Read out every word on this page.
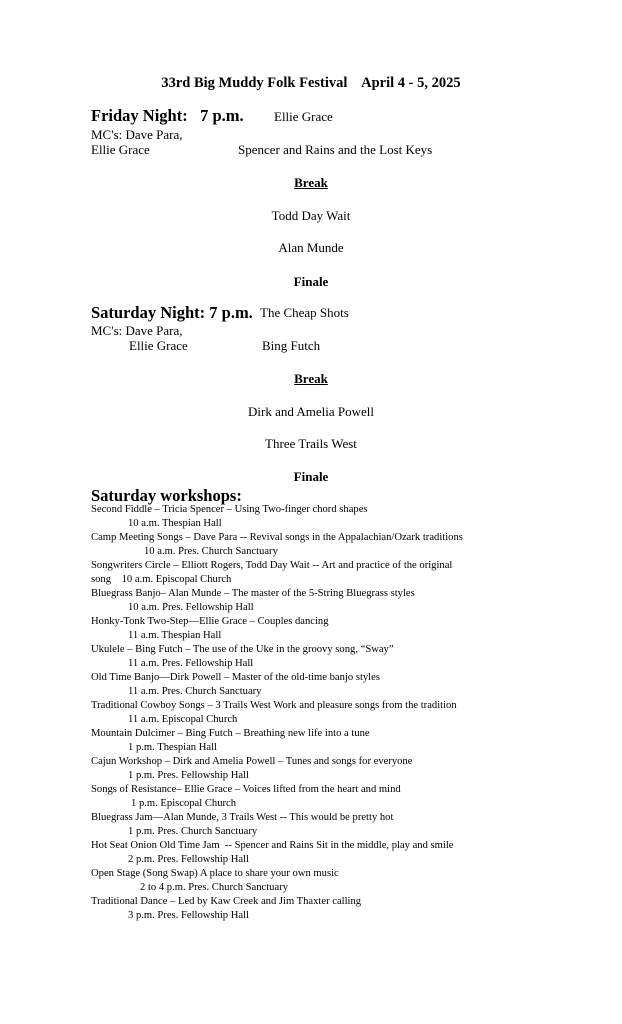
33rd Big Muddy Folk Festival    April 4 - 5, 2025
Friday Night:   7 p.m. Ellie Grace
MC's: Dave Para,
Ellie Grace	Spencer and Rains and the Lost Keys
Break
Todd Day Wait
Alan Munde
Finale
Saturday Night: 7 p.m. The Cheap Shots
MC's: Dave Para,
Ellie Grace	Bing Futch
Break
Dirk and Amelia Powell
Three Trails West
Finale
Saturday workshops:
Second Fiddle – Tricia Spencer – Using Two-finger chord shapes
10 a.m. Thespian Hall
Camp Meeting Songs – Dave Para -- Revival songs in the Appalachian/Ozark traditions
10 a.m. Pres. Church Sanctuary
Songwriters Circle – Elliott Rogers, Todd Day Wait -- Art and practice of the original
song    10 a.m. Episcopal Church
Bluegrass Banjo– Alan Munde – The master of the 5-String Bluegrass styles
10 a.m. Pres. Fellowship Hall
Honky-Tonk Two-Step—Ellie Grace – Couples dancing
11 a.m. Thespian Hall
Ukulele – Bing Futch – The use of the Uke in the groovy song, “Sway”
11 a.m. Pres. Fellowship Hall
Old Time Banjo—Dirk Powell – Master of the old-time banjo styles
11 a.m. Pres. Church Sanctuary
Traditional Cowboy Songs – 3 Trails West Work and pleasure songs from the tradition
11 a.m. Episcopal Church
Mountain Dulcimer – Bing Futch – Breathing new life into a tune
1 p.m. Thespian Hall
Cajun Workshop – Dirk and Amelia Powell – Tunes and songs for everyone
1 p.m. Pres. Fellowship Hall
Songs of Resistance– Ellie Grace – Voices lifted from the heart and mind
1 p.m. Episcopal Church
Bluegrass Jam—Alan Munde, 3 Trails West -- This would be pretty hot
1 p.m. Pres. Church Sanctuary
Hot Seat Onion Old Time Jam  -- Spencer and Rains Sit in the middle, play and smile
2 p.m. Pres. Fellowship Hall
Open Stage (Song Swap) A place to share your own music
2 to 4 p.m. Pres. Church Sanctuary
Traditional Dance – Led by Kaw Creek and Jim Thaxter calling
3 p.m. Pres. Fellowship Hall
